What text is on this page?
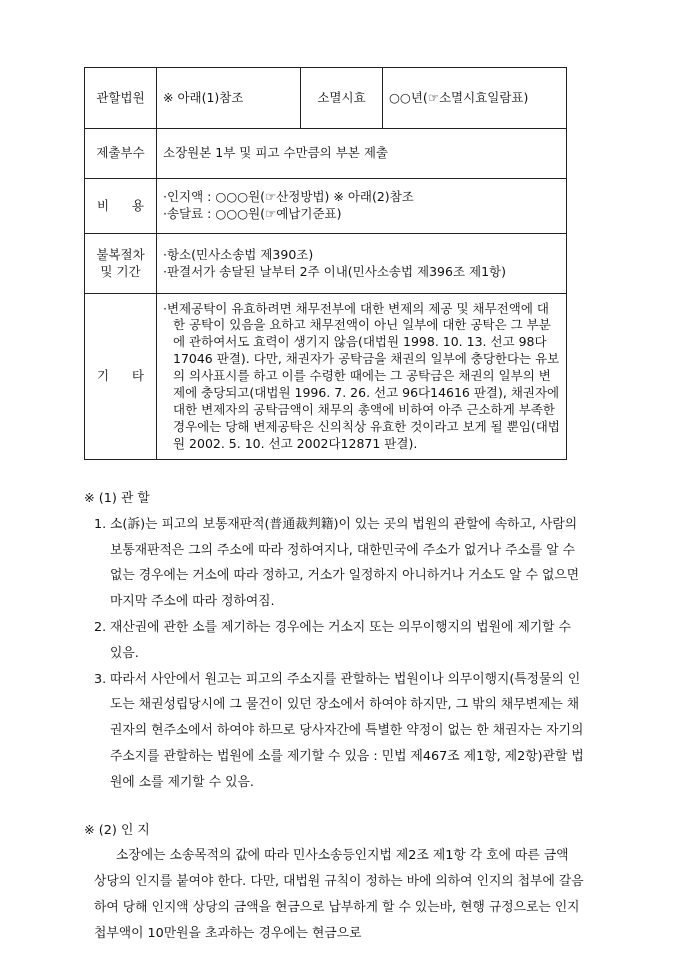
관할법원	※ 아래(1)참조	소멸시효	○○년(☞소멸시효일람표)
제출부수	소장원본 1부 및 피고 수만큼의 부본 제출		

비 용	·인지액 : ○○○원(☞산정방법) ※ 아래(2)참조
·송달료 : ○○○원(☞예납기준표)		

불복절차
및 기간	·항소(민사소송법 제390조)
·판결서가 송달된 날부터 2주 이내(민사소송법 제396조 제1항)		

기 타	·변제공탁이 유효하려면 채무전부에 대한 변제의 제공 및 채무전액에 대한 공탁이 있음을 요하고 채무전액이 아닌 일부에 대한 공탁은 그 부분에 관하여서도 효력이 생기지 않음(대법원 1998. 10. 13. 선고 98다17046 판결). 다만, 채권자가 공탁금을 채권의 일부에 충당한다는 유보의 의사표시를 하고 이를 수령한 때에는 그 공탁금은 채권의 일부의 변제에 충당되고(대법원 1996. 7. 26. 선고 96다14616 판결), 채권자에 대한 변제자의 공탁금액이 채무의 총액에 비하여 아주 근소하게 부족한 경우에는 당해 변제공탁은 신의칙상 유효한 것이라고 보게 될 뿐임(대법원 2002. 5. 10. 선고 2002다12871 판결).		

※ (1) 관 할

1. 소(訴)는 피고의 보통재판적(普通裁判籍)이 있는 곳의 법원의 관할에 속하고, 사람의 보통재판적은 그의 주소에 따라 정하여지나, 대한민국에 주소가 없거나 주소를 알 수 없는 경우에는 거소에 따라 정하고, 거소가 일정하지 아니하거나 거소도 알 수 없으면 마지막 주소에 따라 정하여짐.
2. 재산권에 관한 소를 제기하는 경우에는 거소지 또는 의무이행지의 법원에 제기할 수 있음.
3. 따라서 사안에서 원고는 피고의 주소지를 관할하는 법원이나 의무이행지(특정물의 인도는 채권성립당시에 그 물건이 있던 장소에서 하여야 하지만, 그 밖의 채무변제는 채권자의 현주소에서 하여야 하므로 당사자간에 특별한 약정이 없는 한 채권자는 자기의 주소지를 관할하는 법원에 소를 제기할 수 있음 : 민법 제467조 제1항, 제2항)관할 법원에 소를 제기할 수 있음.

※ (2) 인 지

소장에는 소송목적의 값에 따라 민사소송등인지법 제2조 제1항 각 호에 따른 금액 상당의 인지를 붙여야 한다. 다만, 대법원 규칙이 정하는 바에 의하여 인지의 첩부에 갈음하여 당해 인지액 상당의 금액을 현금으로 납부하게 할 수 있는바, 현행 규정으로는 인지첩부액이 10만원을 초과하는 경우에는 현금으로
